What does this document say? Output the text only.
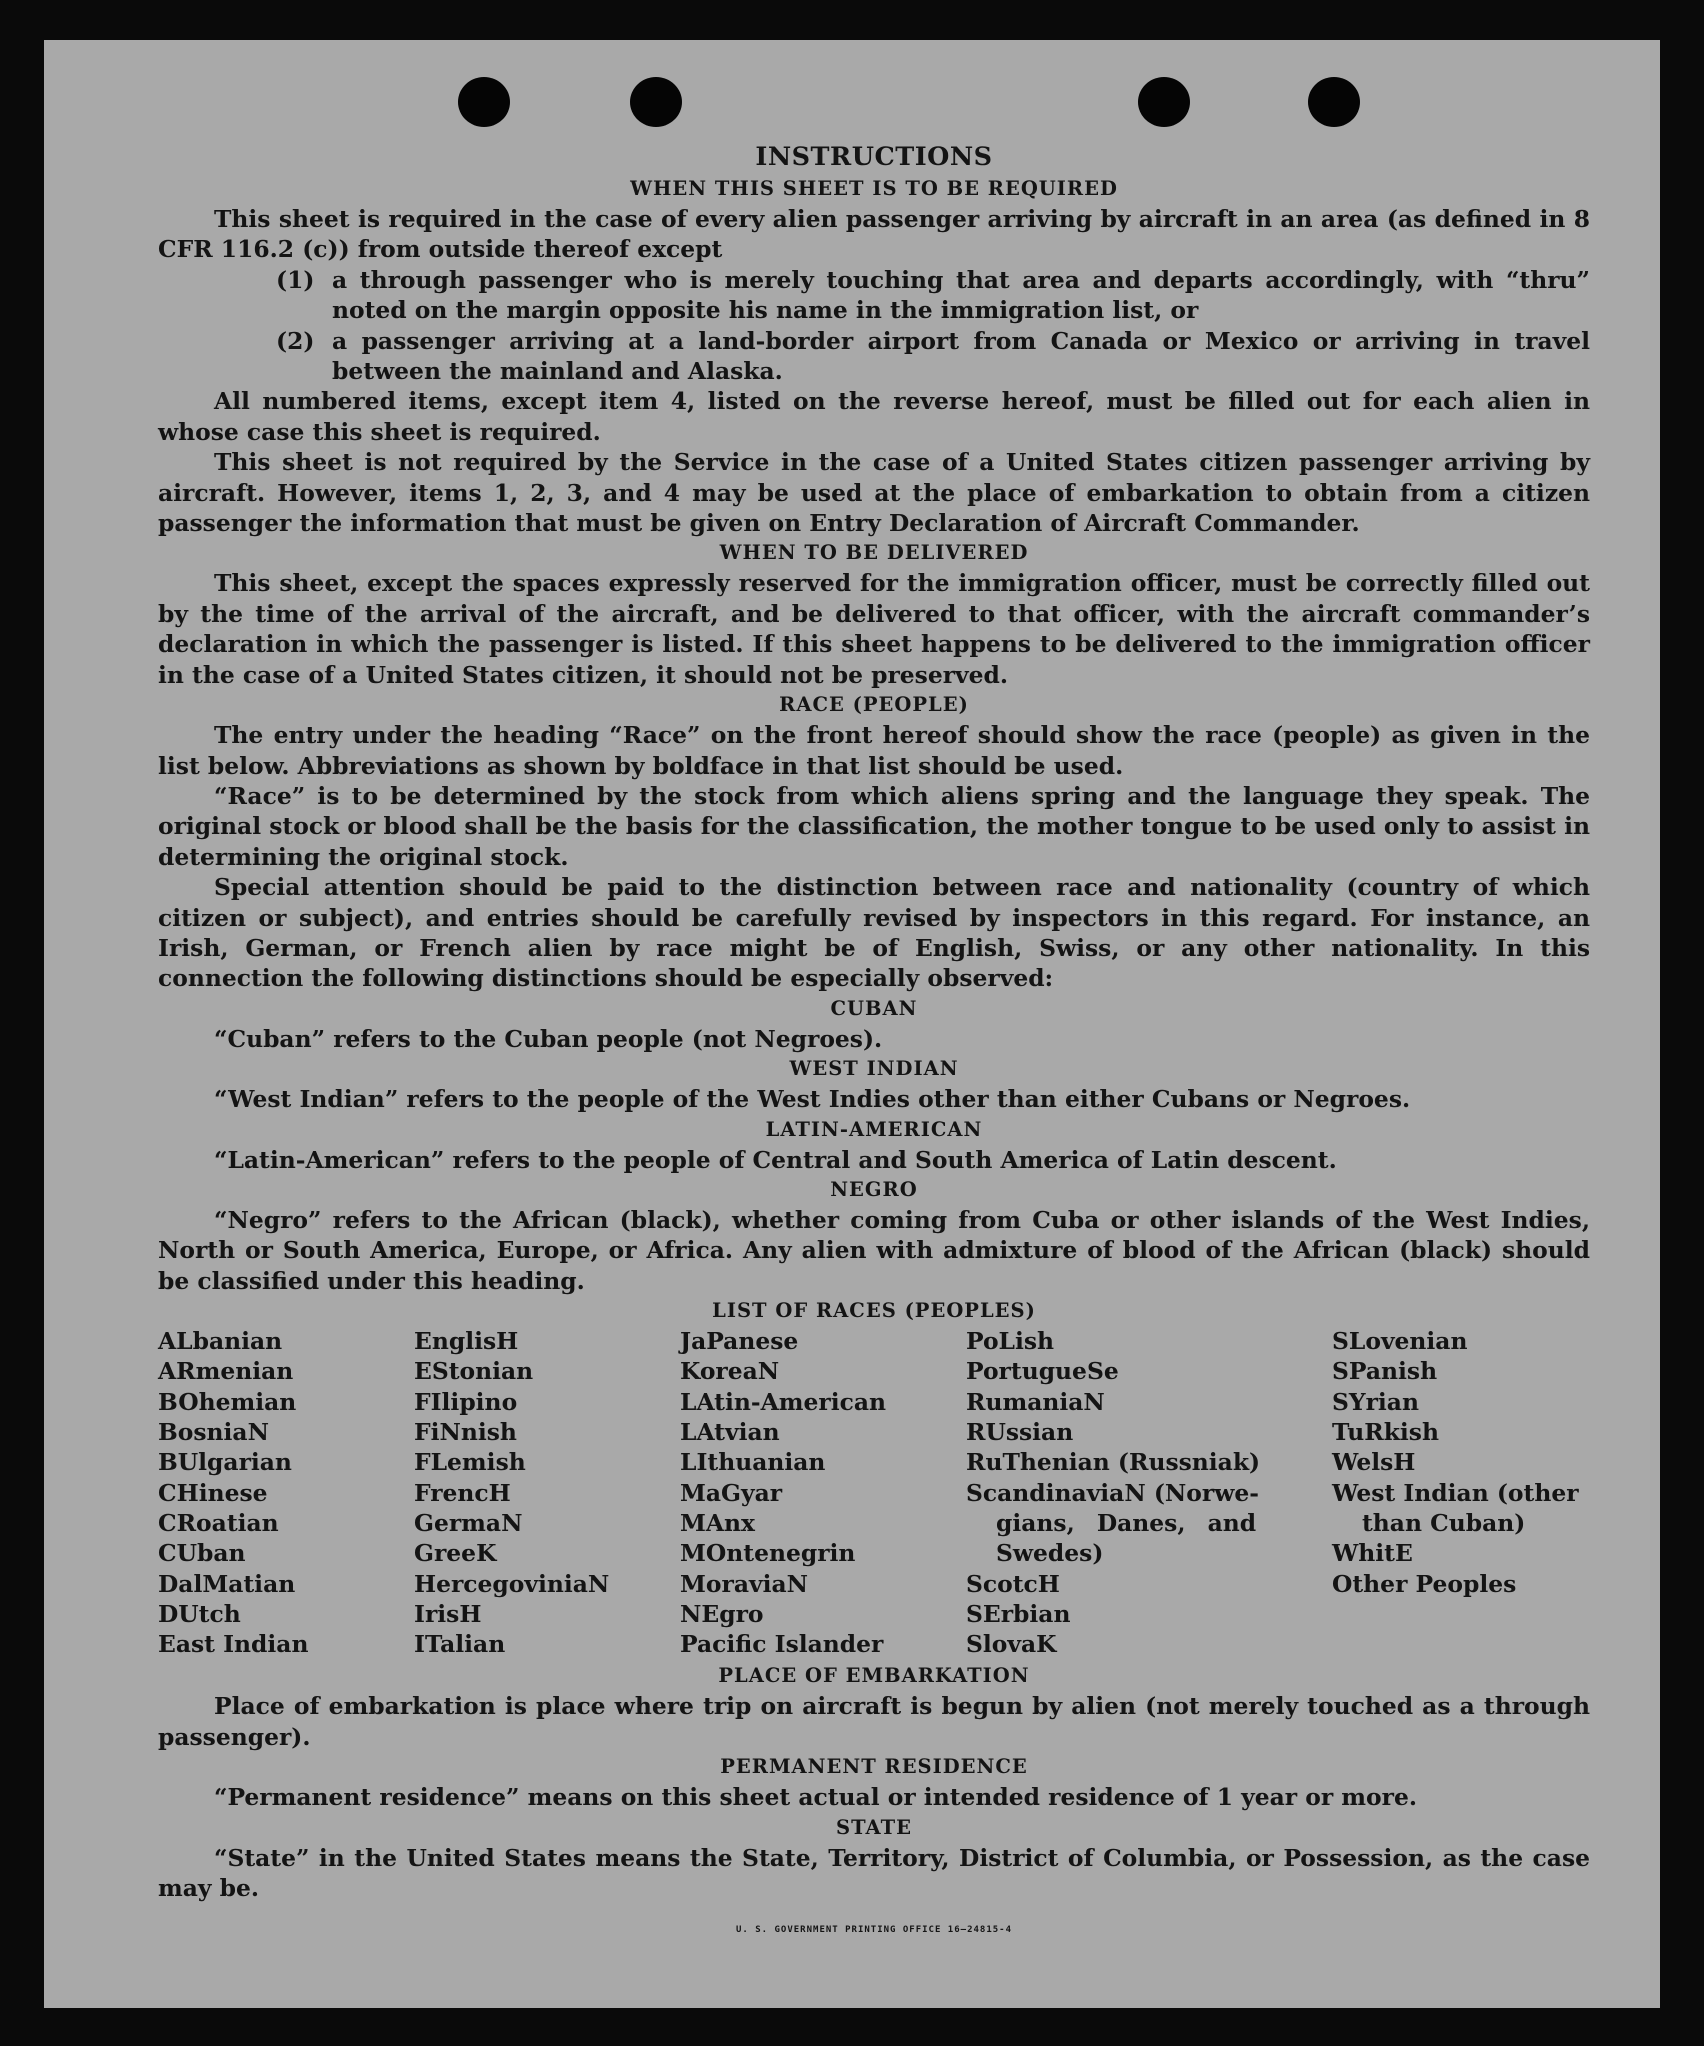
INSTRUCTIONS
WHEN THIS SHEET IS TO BE REQUIRED

This sheet is required in the case of every alien passenger arriving by aircraft in an area (as defined in 8 CFR 116.2 (c)) from outside thereof except

(1) a through passenger who is merely touching that area and departs accordingly, with “thru” noted on the margin opposite his name in the immigration list, or
(2) a passenger arriving at a land-border airport from Canada or Mexico or arriving in travel between the mainland and Alaska.

All numbered items, except item 4, listed on the reverse hereof, must be filled out for each alien in whose case this sheet is required.

This sheet is not required by the Service in the case of a United States citizen passenger arriving by aircraft. However, items 1, 2, 3, and 4 may be used at the place of embarkation to obtain from a citizen passenger the information that must be given on Entry Declaration of Aircraft Commander.

WHEN TO BE DELIVERED

This sheet, except the spaces expressly reserved for the immigration officer, must be correctly filled out by the time of the arrival of the aircraft, and be delivered to that officer, with the aircraft commander’s declaration in which the passenger is listed. If this sheet happens to be delivered to the immigration officer in the case of a United States citizen, it should not be preserved.

RACE (PEOPLE)

The entry under the heading “Race” on the front hereof should show the race (people) as given in the list below. Abbreviations as shown by boldface in that list should be used.

“Race” is to be determined by the stock from which aliens spring and the language they speak. The original stock or blood shall be the basis for the classification, the mother tongue to be used only to assist in determining the original stock.

Special attention should be paid to the distinction between race and nationality (country of which citizen or subject), and entries should be carefully revised by inspectors in this regard. For instance, an Irish, German, or French alien by race might be of English, Swiss, or any other nationality. In this connection the following distinctions should be especially observed:

CUBAN

“Cuban” refers to the Cuban people (not Negroes).

WEST INDIAN

“West Indian” refers to the people of the West Indies other than either Cubans or Negroes.

LATIN-AMERICAN

“Latin-American” refers to the people of Central and South America of Latin descent.

NEGRO

“Negro” refers to the African (black), whether coming from Cuba or other islands of the West Indies, North or South America, Europe, or Africa. Any alien with admixture of blood of the African (black) should be classified under this heading.

LIST OF RACES (PEOPLES)
ALbanian
ARmenian
BOhemian
BosniaN
BUlgarian
CHinese
CRoatian
CUban
DalMatian
DUtch
East Indian
EnglisH
EStonian
FIlipino
FiNnish
FLemish
FrencH
GermaN
GreeK
HercegoviniaN
IrisH
ITalian
JaPanese
KoreaN
LAtin-American
LAtvian
LIthuanian
MaGyar
MAnx
MOntenegrin
MoraviaN
NEgro
Pacific Islander
PoLish
PortugueSe
RumaniaN
RUssian
RuThenian (Russniak)
ScandinaviaN (Norwe-
gians, Danes, and
Swedes)
ScotcH
SErbian
SlovaK
SLovenian
SPanish
SYrian
TuRkish
WelsH
West Indian (other
than Cuban)
WhitE
Other Peoples
PLACE OF EMBARKATION

Place of embarkation is place where trip on aircraft is begun by alien (not merely touched as a through passenger).

PERMANENT RESIDENCE

“Permanent residence” means on this sheet actual or intended residence of 1 year or more.

STATE

“State” in the United States means the State, Territory, District of Columbia, or Possession, as the case may be.

U. S. GOVERNMENT PRINTING OFFICE 16—24815-4
